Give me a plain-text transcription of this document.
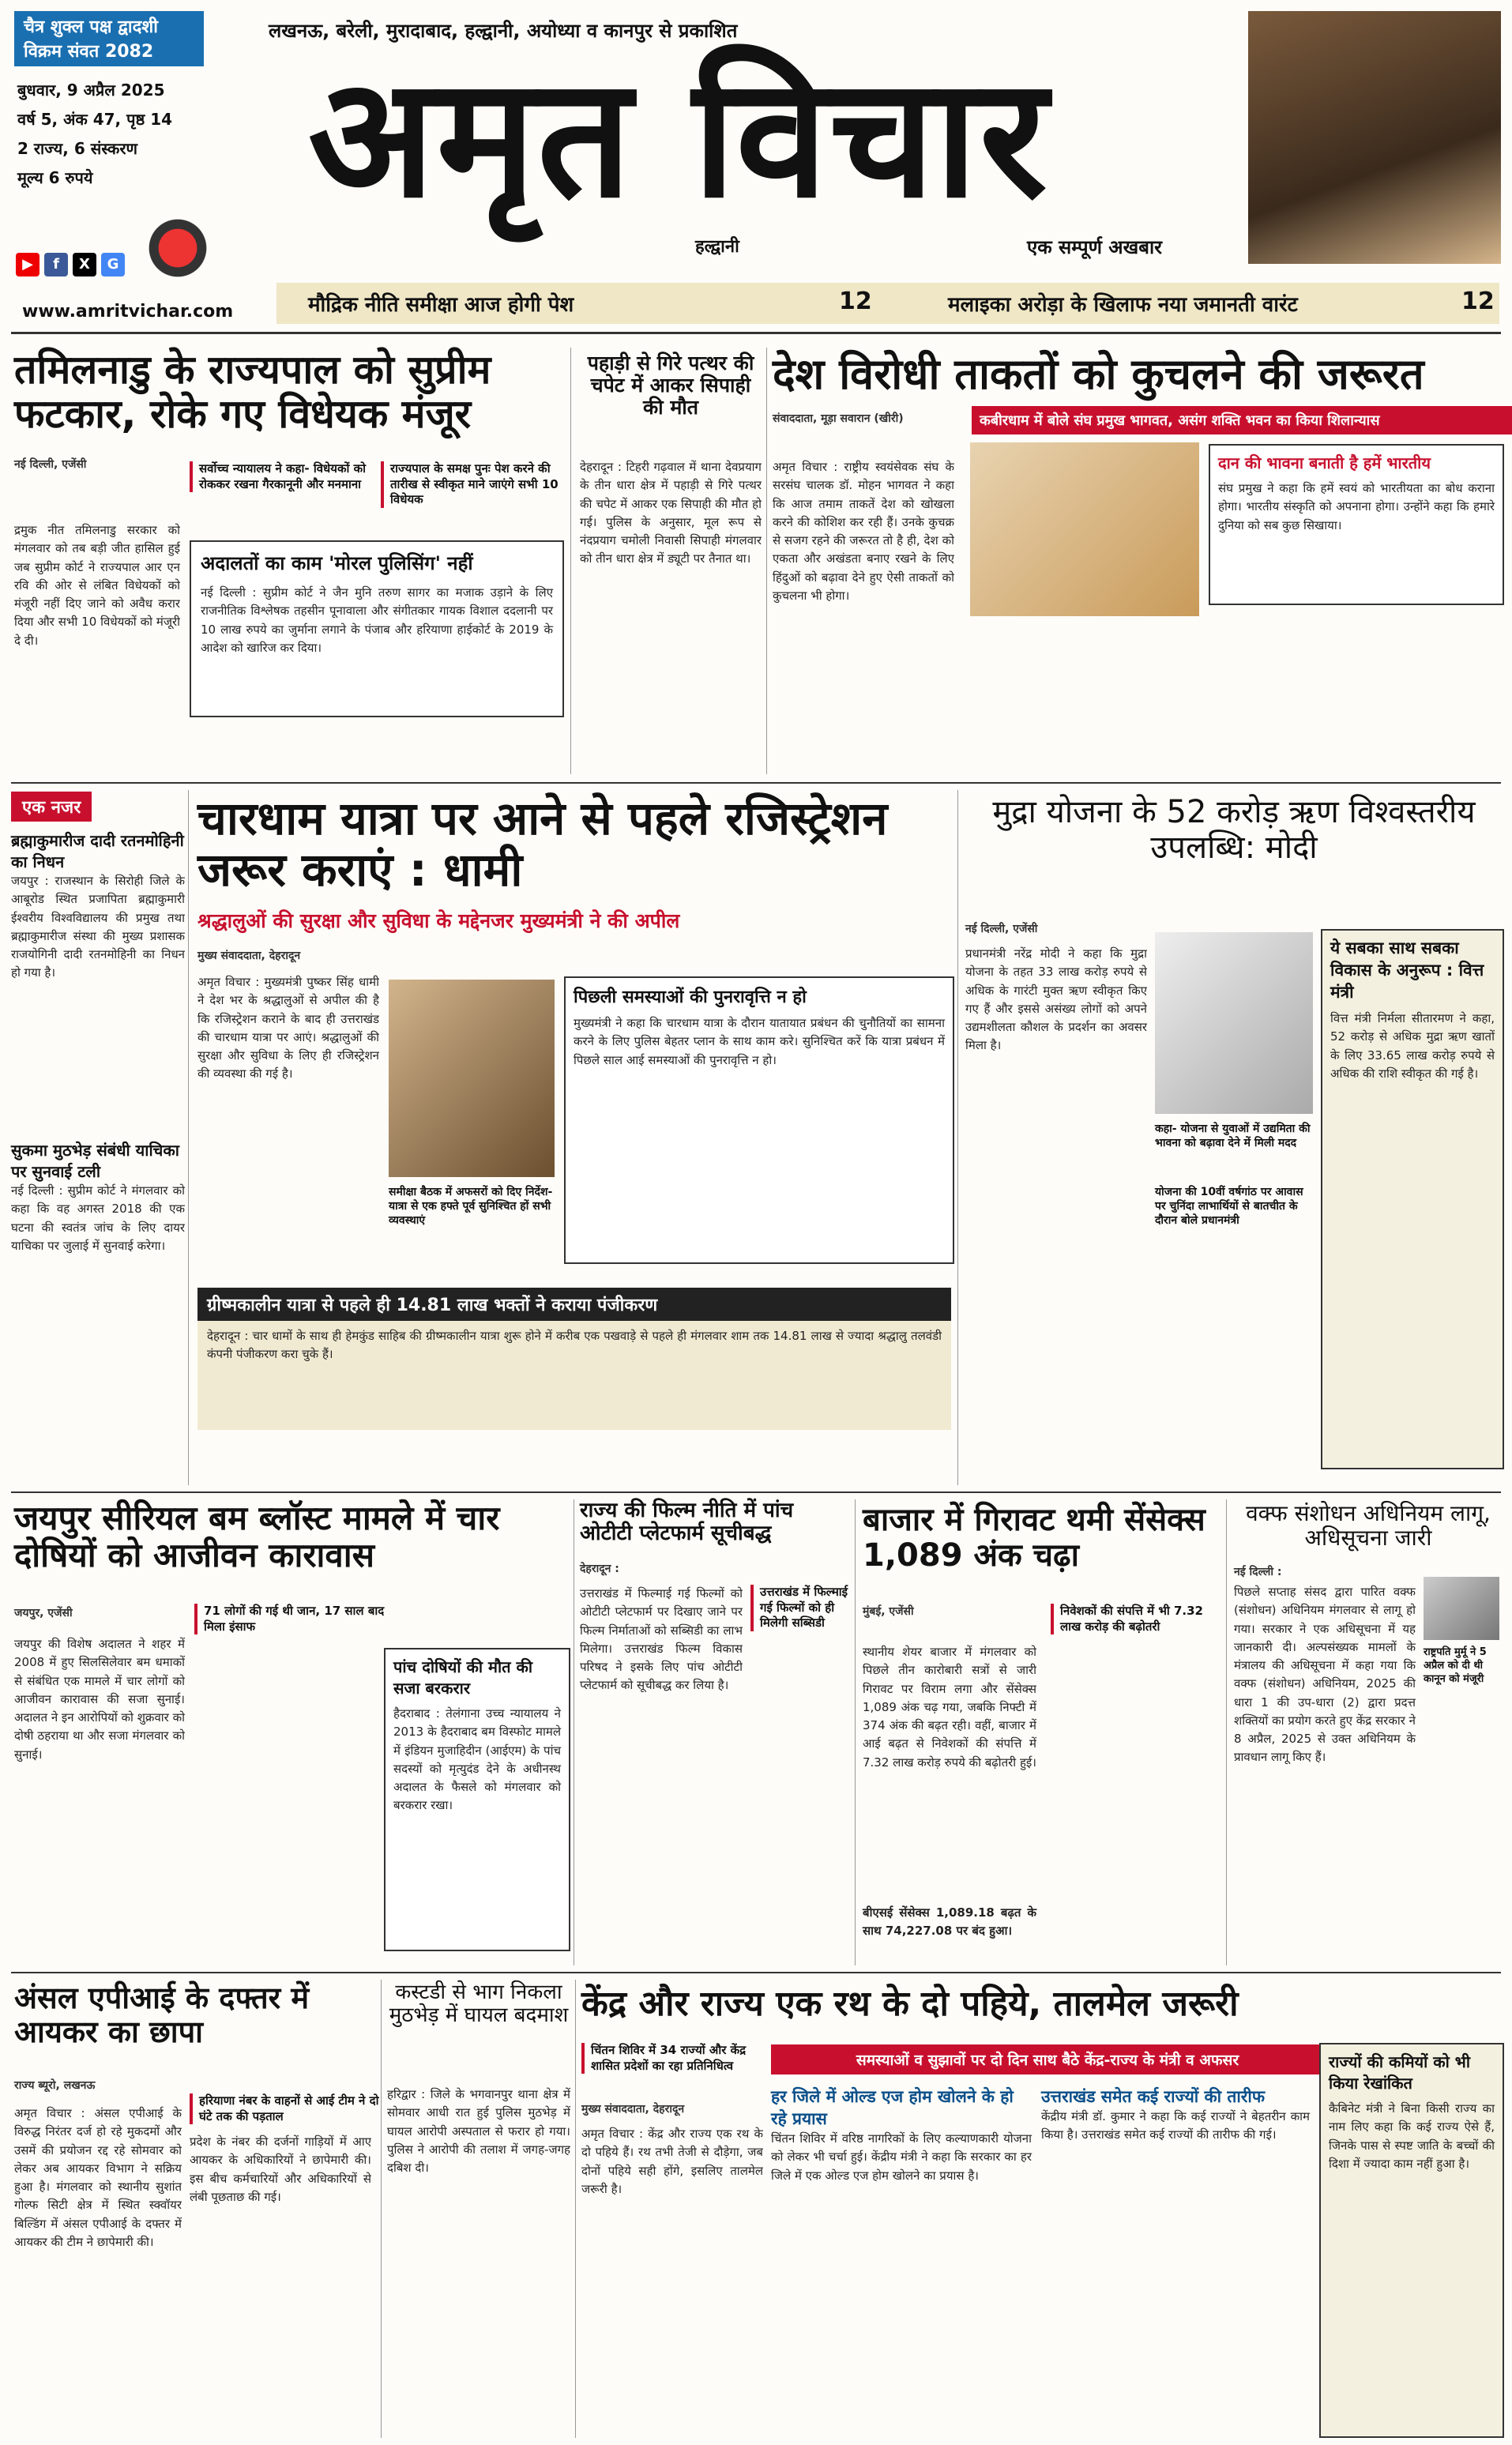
चैत्र शुक्ल पक्ष द्वादशी
विक्रम संवत 2082
लखनऊ, बरेली, मुरादाबाद, हल्द्वानी, अयोध्या व कानपुर से प्रकाशित
बुधवार, 9 अप्रैल 2025
वर्ष 5, अंक 47, पृष्ठ 14
2 राज्य, 6 संस्करण
मूल्य 6 रुपये
▶ f X G
अमृत विचार
हल्द्वानी	एक सम्पूर्ण अखबार
www.amritvichar.com	मौद्रिक नीति समीक्षा आज होगी पेश	12	मलाइका अरोड़ा के खिलाफ नया जमानती वारंट	12
तमिलनाडु के राज्यपाल को सुप्रीम फटकार, रोके गए विधेयक मंजूर
नई दिल्ली, एजेंसी	सर्वोच्च न्यायालय ने कहा- विधेयकों को रोककर रखना गैरकानूनी और मनमाना
राज्यपाल के समक्ष पुनः पेश करने की तारीख से स्वीकृत माने जाएंगे सभी 10 विधेयक
द्रमुक नीत तमिलनाडु सरकार को मंगलवार को तब बड़ी जीत हासिल हुई जब सुप्रीम कोर्ट ने राज्यपाल आर एन रवि की ओर से लंबित विधेयकों को मंजूरी नहीं दिए जाने को अवैध करार दिया और सभी 10 विधेयकों को मंजूरी दे दी।
अदालतों का काम 'मोरल पुलिसिंग' नहीं
नई दिल्ली : सुप्रीम कोर्ट ने जैन मुनि तरुण सागर का मजाक उड़ाने के लिए राजनीतिक विश्लेषक तहसीन पूनावाला और संगीतकार गायक विशाल ददलानी पर 10 लाख रुपये का जुर्माना लगाने के पंजाब और हरियाणा हाईकोर्ट के 2019 के आदेश को खारिज कर दिया।
पहाड़ी से गिरे पत्थर की चपेट में आकर सिपाही की मौत
देहरादून : टिहरी गढ़वाल में थाना देवप्रयाग के तीन धारा क्षेत्र में पहाड़ी से गिरे पत्थर की चपेट में आकर एक सिपाही की मौत हो गई। पुलिस के अनुसार, मूल रूप से नंदप्रयाग चमोली निवासी सिपाही मंगलवार को तीन धारा क्षेत्र में ड्यूटी पर तैनात था।
देश विरोधी ताकतों को कुचलने की जरूरत
संवाददाता, मूड़ा सवारान (खीरी)	कबीरधाम में बोले संघ प्रमुख भागवत, असंग शक्ति भवन का किया शिलान्यास
अमृत विचार : राष्ट्रीय स्वयंसेवक संघ के सरसंघ चालक डॉ. मोहन भागवत ने कहा कि आज तमाम ताकतें देश को खोखला करने की कोशिश कर रही हैं। उनके कुचक्र से सजग रहने की जरूरत तो है ही, देश को एकता और अखंडता बनाए रखने के लिए हिंदुओं को बढ़ावा देने हुए ऐसी ताकतों को कुचलना भी होगा।
दान की भावना बनाती है हमें भारतीय
संघ प्रमुख ने कहा कि हमें स्वयं को भारतीयता का बोध कराना होगा। भारतीय संस्कृति को अपनाना होगा। उन्होंने कहा कि हमारे दुनिया को सब कुछ सिखाया।
एक नजर
ब्रह्माकुमारीज दादी रतनमोहिनी का निधन
जयपुर : राजस्थान के सिरोही जिले के आबूरोड स्थित प्रजापिता ब्रह्माकुमारी ईश्वरीय विश्वविद्यालय की प्रमुख तथा ब्रह्माकुमारीज संस्था की मुख्य प्रशासक राजयोगिनी दादी रतनमोहिनी का निधन हो गया है।
सुकमा मुठभेड़ संबंधी याचिका पर सुनवाई टली
नई दिल्ली : सुप्रीम कोर्ट ने मंगलवार को कहा कि वह अगस्त 2018 की एक घटना की स्वतंत्र जांच के लिए दायर याचिका पर जुलाई में सुनवाई करेगा।
चारधाम यात्रा पर आने से पहले रजिस्ट्रेशन जरूर कराएं : धामी
श्रद्धालुओं की सुरक्षा और सुविधा के मद्देनजर मुख्यमंत्री ने की अपील
मुख्य संवाददाता, देहरादून
अमृत विचार : मुख्यमंत्री पुष्कर सिंह धामी ने देश भर के श्रद्धालुओं से अपील की है कि रजिस्ट्रेशन कराने के बाद ही उत्तराखंड की चारधाम यात्रा पर आएं। श्रद्धालुओं की सुरक्षा और सुविधा के लिए ही रजिस्ट्रेशन की व्यवस्था की गई है।
समीक्षा बैठक में अफसरों को दिए निर्देश-यात्रा से एक हफ्ते पूर्व सुनिश्चित हों सभी व्यवस्थाएं
पिछली समस्याओं की पुनरावृत्ति न हो
मुख्यमंत्री ने कहा कि चारधाम यात्रा के दौरान यातायात प्रबंधन की चुनौतियों का सामना करने के लिए पुलिस बेहतर प्लान के साथ काम करे। सुनिश्चित करें कि यात्रा प्रबंधन में पिछले साल आई समस्याओं की पुनरावृत्ति न हो।
ग्रीष्मकालीन यात्रा से पहले ही 14.81 लाख भक्तों ने कराया पंजीकरण
देहरादून : चार धामों के साथ ही हेमकुंड साहिब की ग्रीष्मकालीन यात्रा शुरू होने में करीब एक पखवाड़े से पहले ही मंगलवार शाम तक 14.81 लाख से ज्यादा श्रद्धालु तलवंडी कंपनी पंजीकरण करा चुके हैं।
मुद्रा योजना के 52 करोड़ ऋण विश्वस्तरीय उपलब्धि: मोदी
नई दिल्ली, एजेंसी
प्रधानमंत्री नरेंद्र मोदी ने कहा कि मुद्रा योजना के तहत 33 लाख करोड़ रुपये से अधिक के गारंटी मुक्त ऋण स्वीकृत किए गए हैं और इससे असंख्य लोगों को अपने उद्यमशीलता कौशल के प्रदर्शन का अवसर मिला है।
कहा- योजना से युवाओं में उद्यमिता की भावना को बढ़ावा देने में मिली मदद
योजना की 10वीं वर्षगांठ पर आवास पर चुनिंदा लाभार्थियों से बातचीत के दौरान बोले प्रधानमंत्री
ये सबका साथ सबका विकास के अनुरूप : वित्त मंत्री
वित्त मंत्री निर्मला सीतारमण ने कहा, 52 करोड़ से अधिक मुद्रा ऋण खातों के लिए 33.65 लाख करोड़ रुपये से अधिक की राशि स्वीकृत की गई है।
जयपुर सीरियल बम ब्लॉस्ट मामले में चार दोषियों को आजीवन कारावास
जयपुर, एजेंसी	71 लोगों की गई थी जान, 17 साल बाद मिला इंसाफ
जयपुर की विशेष अदालत ने शहर में 2008 में हुए सिलसिलेवार बम धमाकों से संबंधित एक मामले में चार लोगों को आजीवन कारावास की सजा सुनाई। अदालत ने इन आरोपियों को शुक्रवार को दोषी ठहराया था और सजा मंगलवार को सुनाई।
पांच दोषियों की मौत की सजा बरकरार
हैदराबाद : तेलंगाना उच्च न्यायालय ने 2013 के हैदराबाद बम विस्फोट मामले में इंडियन मुजाहिदीन (आईएम) के पांच सदस्यों को मृत्युदंड देने के अधीनस्थ अदालत के फैसले को मंगलवार को बरकरार रखा।
राज्य की फिल्म नीति में पांच ओटीटी प्लेटफार्म सूचीबद्ध
देहरादून :
उत्तराखंड में फिल्माई गई फिल्मों को ही मिलेगी सब्सिडी
उत्तराखंड में फिल्माई गई फिल्मों को ओटीटी प्लेटफार्म पर दिखाए जाने पर फिल्म निर्माताओं को सब्सिडी का लाभ मिलेगा। उत्तराखंड फिल्म विकास परिषद ने इसके लिए पांच ओटीटी प्लेटफार्म को सूचीबद्ध कर लिया है।
बाजार में गिरावट थमी सेंसेक्स 1,089 अंक चढ़ा
मुंबई, एजेंसी	निवेशकों की संपत्ति में भी 7.32 लाख करोड़ की बढ़ोतरी
स्थानीय शेयर बाजार में मंगलवार को पिछले तीन कारोबारी सत्रों से जारी गिरावट पर विराम लगा और सेंसेक्स 1,089 अंक चढ़ गया, जबकि निफ्टी में 374 अंक की बढ़त रही। वहीं, बाजार में आई बढ़त से निवेशकों की संपत्ति में 7.32 लाख करोड़ रुपये की बढ़ोतरी हुई।
बीएसई सेंसेक्स 1,089.18 बढ़त के साथ 74,227.08 पर बंद हुआ।
वक्फ संशोधन अधिनियम लागू, अधिसूचना जारी
नई दिल्ली :
पिछले सप्ताह संसद द्वारा पारित वक्फ (संशोधन) अधिनियम मंगलवार से लागू हो गया। सरकार ने एक अधिसूचना में यह जानकारी दी। अल्पसंख्यक मामलों के मंत्रालय की अधिसूचना में कहा गया कि वक्फ (संशोधन) अधिनियम, 2025 की धारा 1 की उप-धारा (2) द्वारा प्रदत्त शक्तियों का प्रयोग करते हुए केंद्र सरकार ने 8 अप्रैल, 2025 से उक्त अधिनियम के प्रावधान लागू किए हैं।
राष्ट्रपति मुर्मू ने 5 अप्रैल को दी थी कानून को मंजूरी
अंसल एपीआई के दफ्तर में आयकर का छापा
राज्य ब्यूरो, लखनऊ
हरियाणा नंबर के वाहनों से आई टीम ने दो घंटे तक की पड़ताल
अमृत विचार : अंसल एपीआई के विरुद्ध निरंतर दर्ज हो रहे मुकदमों और उसमें की प्रयोजन रद्द रहे सोमवार को लेकर अब आयकर विभाग ने सक्रिय हुआ है। मंगलवार को स्थानीय सुशांत गोल्फ सिटी क्षेत्र में स्थित स्क्वॉयर बिल्डिंग में अंसल एपीआई के दफ्तर में आयकर की टीम ने छापेमारी की।
प्रदेश के नंबर की दर्जनों गाड़ियों में आए आयकर के अधिकारियों ने छापेमारी की। इस बीच कर्मचारियों और अधिकारियों से लंबी पूछताछ की गई।
कस्टडी से भाग निकला मुठभेड़ में घायल बदमाश
हरिद्वार : जिले के भगवानपुर थाना क्षेत्र में सोमवार आधी रात हुई पुलिस मुठभेड़ में घायल आरोपी अस्पताल से फरार हो गया। पुलिस ने आरोपी की तलाश में जगह-जगह दबिश दी।
केंद्र और राज्य एक रथ के दो पहिये, तालमेल जरूरी
चिंतन शिविर में 34 राज्यों और केंद्र शासित प्रदेशों का रहा प्रतिनिधित्व	समस्याओं व सुझावों पर दो दिन साथ बैठे केंद्र-राज्य के मंत्री व अफसर
मुख्य संवाददाता, देहरादून
अमृत विचार : केंद्र और राज्य एक रथ के दो पहिये हैं। रथ तभी तेजी से दौड़ेगा, जब दोनों पहिये सही होंगे, इसलिए तालमेल जरूरी है।
हर जिले में ओल्ड एज होम खोलने के हो रहे प्रयास
चिंतन शिविर में वरिष्ठ नागरिकों के लिए कल्याणकारी योजना को लेकर भी चर्चा हुई। केंद्रीय मंत्री ने कहा कि सरकार का हर जिले में एक ओल्ड एज होम खोलने का प्रयास है।
उत्तराखंड समेत कई राज्यों की तारीफ
केंद्रीय मंत्री डॉ. कुमार ने कहा कि कई राज्यों ने बेहतरीन काम किया है। उत्तराखंड समेत कई राज्यों की तारीफ की गई।
राज्यों की कमियों को भी किया रेखांकित
कैबिनेट मंत्री ने बिना किसी राज्य का नाम लिए कहा कि कई राज्य ऐसे हैं, जिनके पास से स्पष्ट जाति के बच्चों की दिशा में ज्यादा काम नहीं हुआ है।
